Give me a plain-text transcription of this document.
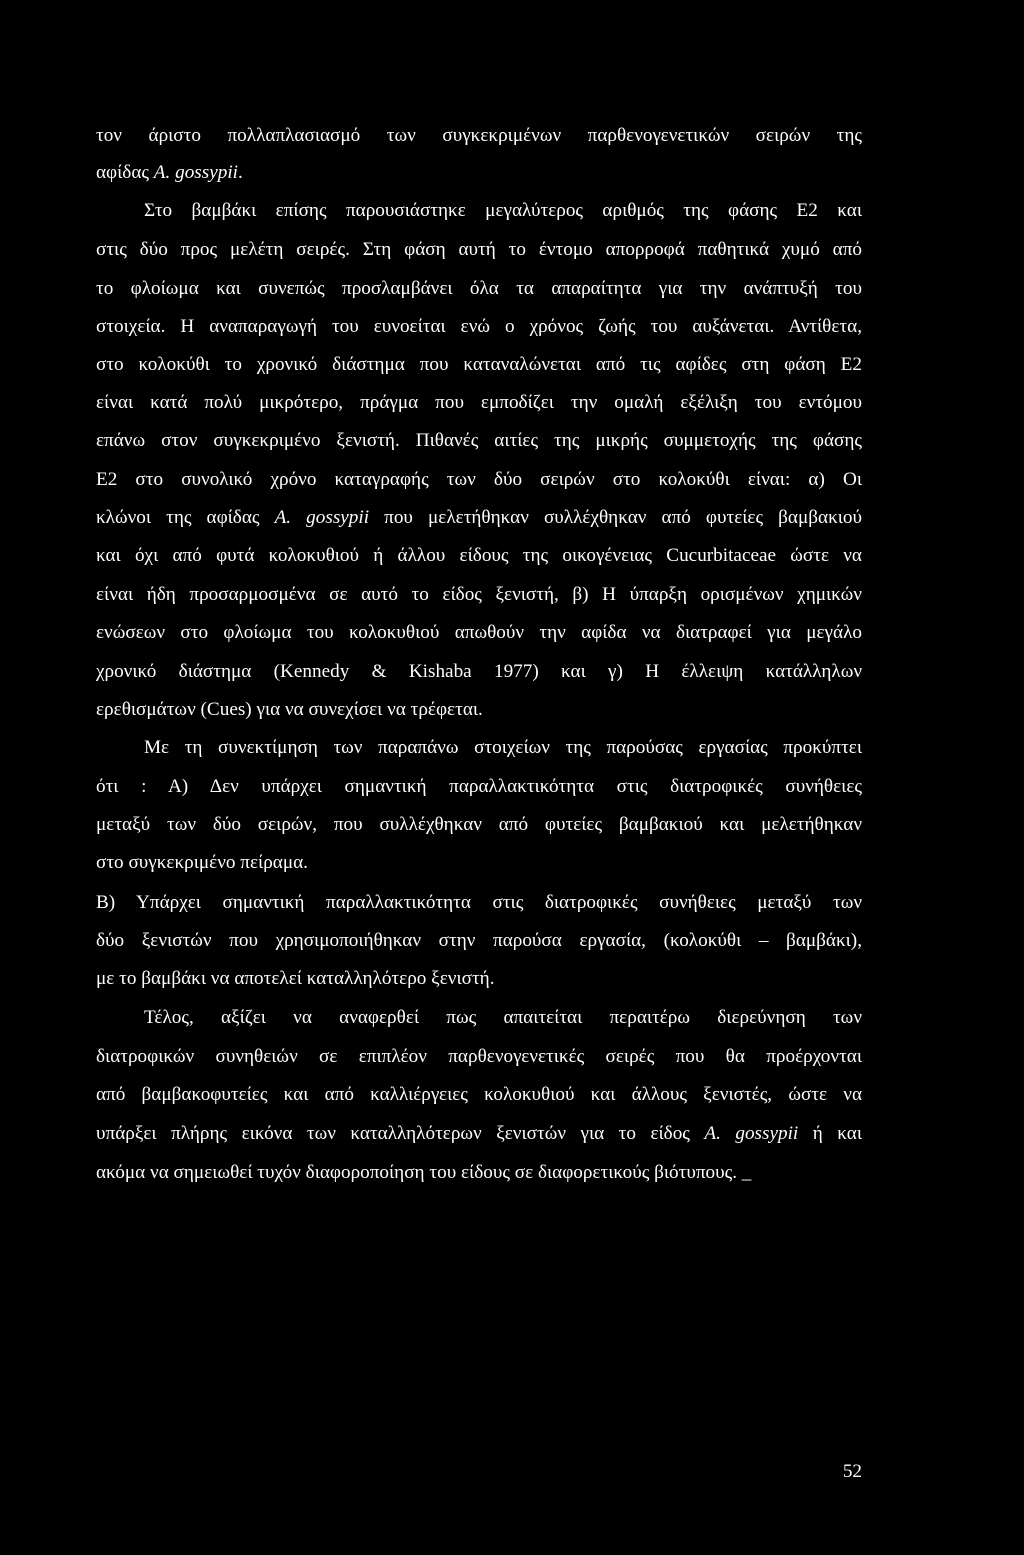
τον άριστο πολλαπλασιασμό των συγκεκριμένων παρθενογενετικών σειρών της
αφίδας A. gossypii.
Στο βαμβάκι επίσης παρουσιάστηκε μεγαλύτερος αριθμός της φάσης Ε2 και
στις δύο προς μελέτη σειρές. Στη φάση αυτή το έντομο απορροφά παθητικά χυμό από
το φλοίωμα και συνεπώς προσλαμβάνει όλα τα απαραίτητα για την ανάπτυξή του
στοιχεία. Η αναπαραγωγή του ευνοείται ενώ ο χρόνος ζωής του αυξάνεται. Αντίθετα,
στο κολοκύθι το χρονικό διάστημα που καταναλώνεται από τις αφίδες στη φάση Ε2
είναι κατά πολύ μικρότερο, πράγμα που εμποδίζει την ομαλή εξέλιξη του εντόμου
επάνω στον συγκεκριμένο ξενιστή. Πιθανές αιτίες της μικρής συμμετοχής της φάσης
Ε2 στο συνολικό χρόνο καταγραφής των δύο σειρών στο κολοκύθι είναι: α) Οι
κλώνοι της αφίδας A. gossypii που μελετήθηκαν συλλέχθηκαν από φυτείες βαμβακιού
και όχι από φυτά κολοκυθιού ή άλλου είδους της οικογένειας Cucurbitaceae ώστε να
είναι ήδη προσαρμοσμένα σε αυτό το είδος ξενιστή, β) Η ύπαρξη ορισμένων χημικών
ενώσεων στο φλοίωμα του κολοκυθιού απωθούν την αφίδα να διατραφεί για μεγάλο
χρονικό διάστημα (Kennedy & Kishaba 1977) και γ) Η έλλειψη κατάλληλων
ερεθισμάτων (Cues) για να συνεχίσει να τρέφεται.
Με τη συνεκτίμηση των παραπάνω στοιχείων της παρούσας εργασίας προκύπτει
ότι : Α) Δεν υπάρχει σημαντική παραλλακτικότητα στις διατροφικές συνήθειες
μεταξύ των δύο σειρών, που συλλέχθηκαν από φυτείες βαμβακιού και μελετήθηκαν
στο συγκεκριμένο πείραμα.
Β) Υπάρχει σημαντική παραλλακτικότητα στις διατροφικές συνήθειες μεταξύ των
δύο ξενιστών που χρησιμοποιήθηκαν στην παρούσα εργασία, (κολοκύθι – βαμβάκι),
με το βαμβάκι να αποτελεί καταλληλότερο ξενιστή.
Τέλος, αξίζει να αναφερθεί πως απαιτείται περαιτέρω διερεύνηση των
διατροφικών συνηθειών σε επιπλέον παρθενογενετικές σειρές που θα προέρχονται
από βαμβακοφυτείες και από καλλιέργειες κολοκυθιού και άλλους ξενιστές, ώστε να
υπάρξει πλήρης εικόνα των καταλληλότερων ξενιστών για το είδος A. gossypii ή και
ακόμα να σημειωθεί τυχόν διαφοροποίηση του είδους σε διαφορετικούς βιότυπους. _
52
